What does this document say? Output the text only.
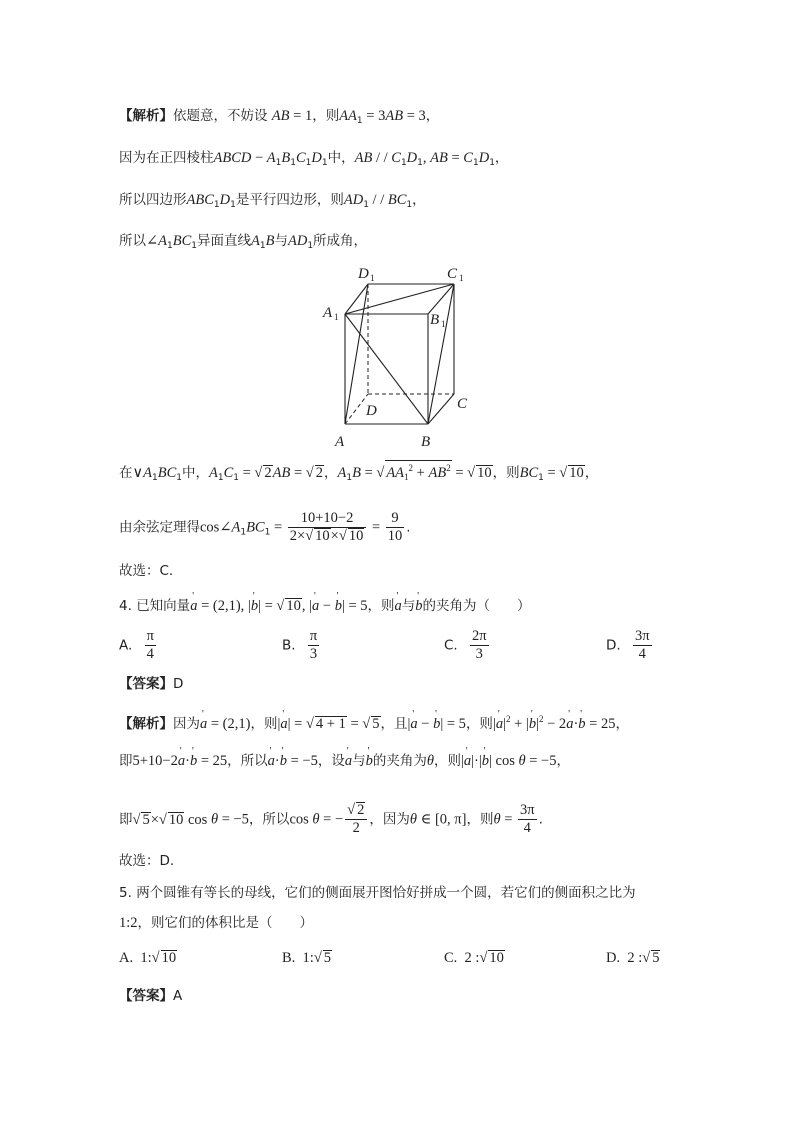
【解析】依题意，不妨设 AB = 1，则$AA_1 = 3AB = 3$，
因为在正四棱柱ABCD − $A_1B_1C_1D_1$中，AB / / $C_1D_1$, AB = $C_1D_1$，
所以四边形$ABC_1D_1$是平行四边形，则$AD_1$ / / $BC_1$，
所以$\angle A_1BC_1$异面直线$A_1B$与$AD_1$所成角，
D 1	C 1
A 1	B 1
D	C
A	B
在$\vee A_1BC_1$中，$A_1C_1$ = √ 2AB = √ 2，$A_1B$ = √ $AA_1^2 + AB^2$ = √ 10，则$BC_1$ = √ 10，
由余弦定理得$\cos\angle A_1BC_1 = \frac{10+10-2}{2\times√ 10\times√ 10} = \frac{9}{10}$ .
故选：C.
4. 已知向量' a = (2,1), |' b| = √ 10, |' a − ' b| = 5，则' a与' b的夹角为（　　）
A. $\frac{\pi}{4}$	B. $\frac{\pi}{3}$	C. $\frac{2\pi}{3}$	D. $\frac{3\pi}{4}$
【答案】D
【解析】因为' a = (2,1)，则|' a| = √ 4 + 1 = √ 5，且|' a − ' b| = 5，则|' $a|^2$ + |' $b|^2 - 2'$ a·' b = 25，
即5+10−2' a·' b = 25，所以' a·' b = −5，设' a与' b的夹角为θ，则|' a|·|' b| cos θ = −5，
即√ 5×√ 10 cos θ = −5，所以cos θ = − $\frac{√ 2}{2}$ ，因为θ ∈ [0, π]，则$\theta = \frac{3\pi}{4}$ .
故选：D.
5. 两个圆锥有等长的母线，它们的侧面展开图恰好拼成一个圆，若它们的侧面积之比为
1:2，则它们的体积比是（　　）
A. 1:√ 10	B. 1:√ 5	C. 2 :√ 10	D. 2 :√ 5
【答案】A
